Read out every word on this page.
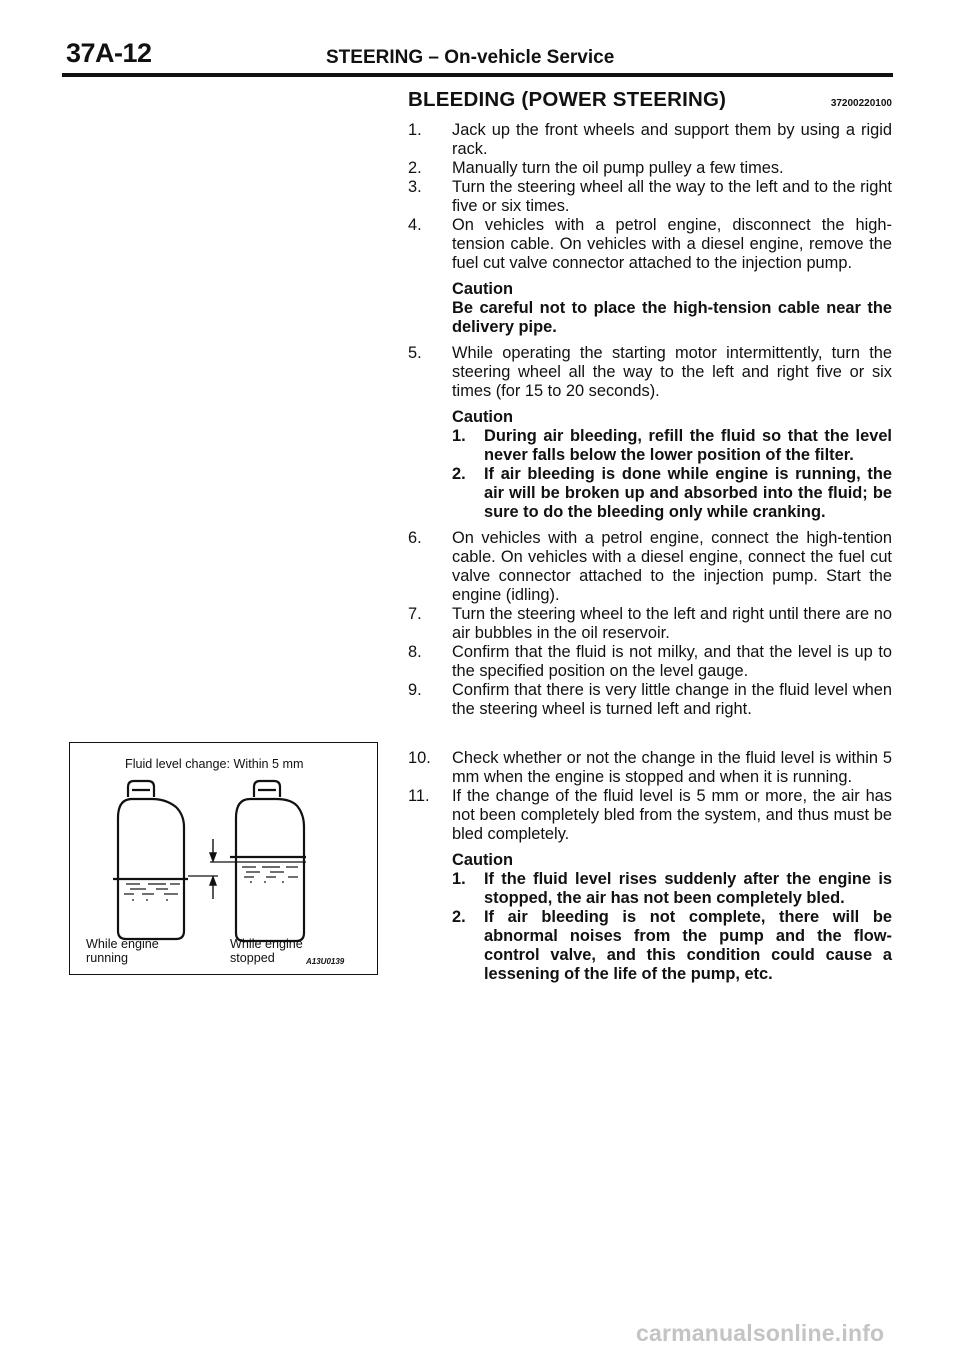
37A-12	STEERING – On-vehicle Service
BLEEDING (POWER STEERING)	37200220100
1.	Jack up the front wheels and support them by using a rigid rack.
2.	Manually turn the oil pump pulley a few times.
3.	Turn the steering wheel all the way to the left and to the right five or six times.
4.	On vehicles with a petrol engine, disconnect the high-tension cable. On vehicles with a diesel engine, remove the fuel cut valve connector attached to the injection pump.
Caution
Be careful not to place the high-tension cable near the delivery pipe.
5.	While operating the starting motor intermittently, turn the steering wheel all the way to the left and right five or six times (for 15 to 20 seconds).
Caution
1.	During air bleeding, refill the fluid so that the level never falls below the lower position of the filter.
2.	If air bleeding is done while engine is running, the air will be broken up and absorbed into the fluid; be sure to do the bleeding only while cranking.
6.	On vehicles with a petrol engine, connect the high-tention cable. On vehicles with a diesel engine, connect the fuel cut valve connector attached to the injection pump. Start the engine (idling).
7.	Turn the steering wheel to the left and right until there are no air bubbles in the oil reservoir.
8.	Confirm that the fluid is not milky, and that the level is up to the specified position on the level gauge.
9.	Confirm that there is very little change in the fluid level when the steering wheel is turned left and right.
10.	Check whether or not the change in the fluid level is within 5 mm when the engine is stopped and when it is running.
11.	If the change of the fluid level is 5 mm or more, the air has not been completely bled from the system, and thus must be bled completely.
Caution
1.	If the fluid level rises suddenly after the engine is stopped, the air has not been completely bled.
2.	If air bleeding is not complete, there will be abnormal noises from the pump and the flow-control valve, and this condition could cause a lessening of the life of the pump, etc.
Fluid level change: Within 5 mm
While engine
running
While engine
stopped	A13U0139
carmanualsonline.info
